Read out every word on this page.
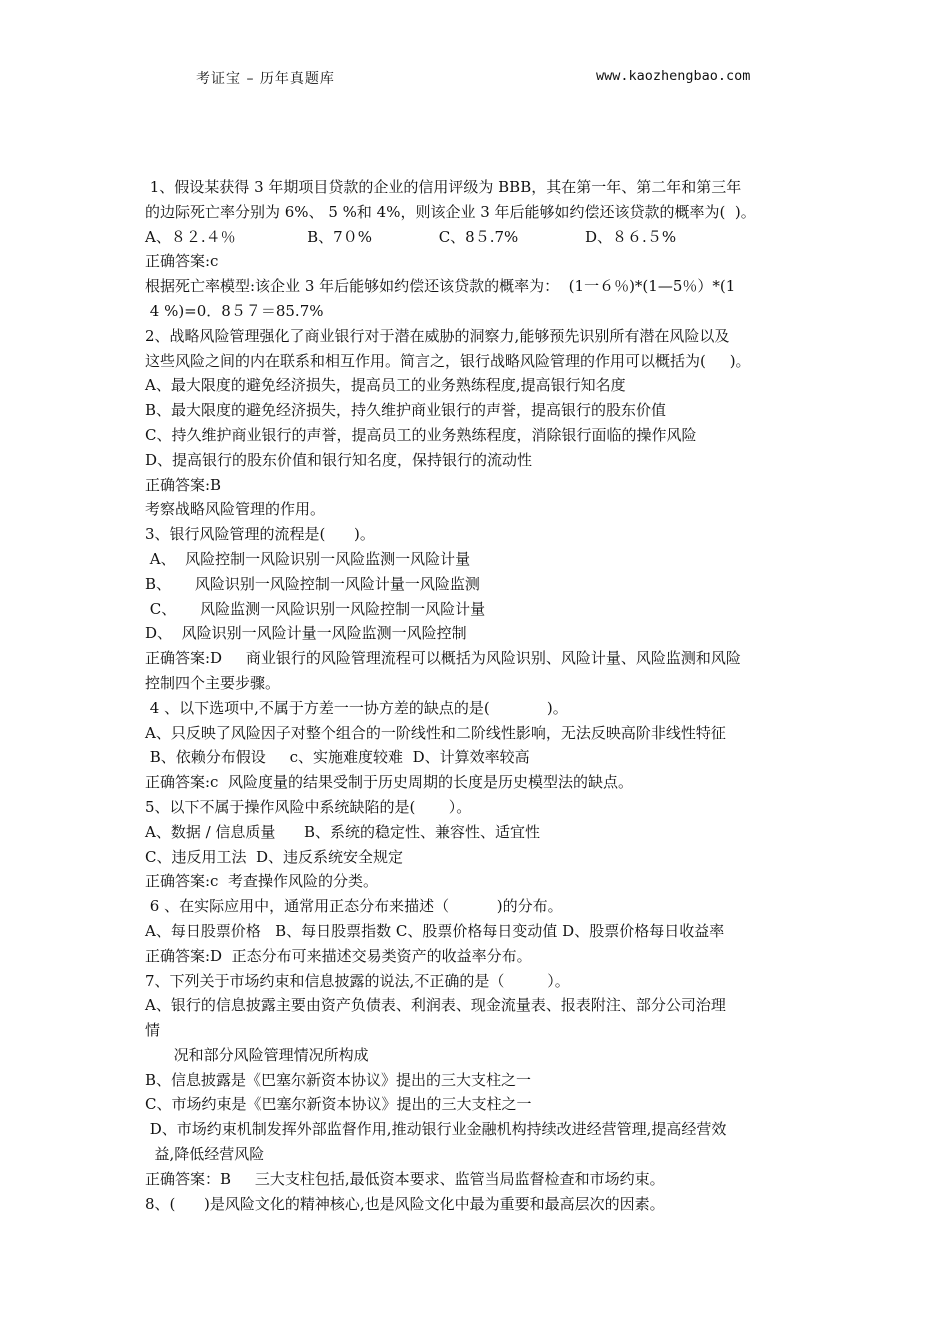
考证宝 – 历年真题库	www.kaozhengbao.com
1、假设某获得 3 年期项目贷款的企业的信用评级为 BBB，其在第一年、第二年和第三年
的边际死亡率分别为 6%、 5 %和 4%，则该企业 3 年后能够如约偿还该贷款的概率为(  )。
A、８２.４％               B、7０%              C、8５.7%              D、８６.５%
正确答案:c
根据死亡率模型:该企业 3 年后能够如约偿还该贷款的概率为：  (1一６％)*(1—5％）*(1
4 %)=0．8５７＝85.7%
2、战略风险管理强化了商业银行对于潜在威胁的洞察力,能够预先识别所有潜在风险以及
这些风险之间的内在联系和相互作用。简言之，银行战略风险管理的作用可以概括为(     )。
A、最大限度的避免经济损失，提高员工的业务熟练程度,提高银行知名度
B、最大限度的避免经济损失，持久维护商业银行的声誉，提高银行的股东价值
C、持久维护商业银行的声誉，提高员工的业务熟练程度，消除银行面临的操作风险
D、提高银行的股东价值和银行知名度，保持银行的流动性
正确答案:B
考察战略风险管理的作用。
3、银行风险管理的流程是(      )。
A、  风险控制一风险识别一风险监测一风险计量
B、     风险识别一风险控制一风险计量一风险监测
C、     风险监测一风险识别一风险控制一风险计量
D、  风险识别一风险计量一风险监测一风险控制
正确答案:D     商业银行的风险管理流程可以概括为风险识别、风险计量、风险监测和风险
控制四个主要步骤。
4 、以下选项中,不属于方差一一协方差的缺点的是(            )。
A、只反映了风险因子对整个组合的一阶线性和二阶线性影响，无法反映高阶非线性特征
B、依赖分布假设     c、实施难度较难  D、计算效率较高
正确答案:c  风险度量的结果受制于历史周期的长度是历史模型法的缺点。
5、以下不属于操作风险中系统缺陷的是(       ）。
A、数据 / 信息质量      B、系统的稳定性、兼容性、适宜性
C、违反用工法  D、违反系统安全规定
正确答案:c  考查操作风险的分类。
6 、在实际应用中，通常用正态分布来描述（          )的分布。
A、每日股票价格   B、每日股票指数 C、股票价格每日变动值 D、股票价格每日收益率
正确答案:D  正态分布可来描述交易类资产的收益率分布。
7、下列关于市场约束和信息披露的说法,不正确的是（         ）。
A、银行的信息披露主要由资产负债表、利润表、现金流量表、报表附注、部分公司治理
情
况和部分风险管理情况所构成
B、信息披露是《巴塞尔新资本协议》提出的三大支柱之一
C、市场约束是《巴塞尔新资本协议》提出的三大支柱之一
D、市场约束机制发挥外部监督作用,推动银行业金融机构持续改进经营管理,提高经营效
益,降低经营风险
正确答案：B     三大支柱包括,最低资本要求、监管当局监督检查和市场约束。
8、(      )是风险文化的精神核心,也是风险文化中最为重要和最高层次的因素。
